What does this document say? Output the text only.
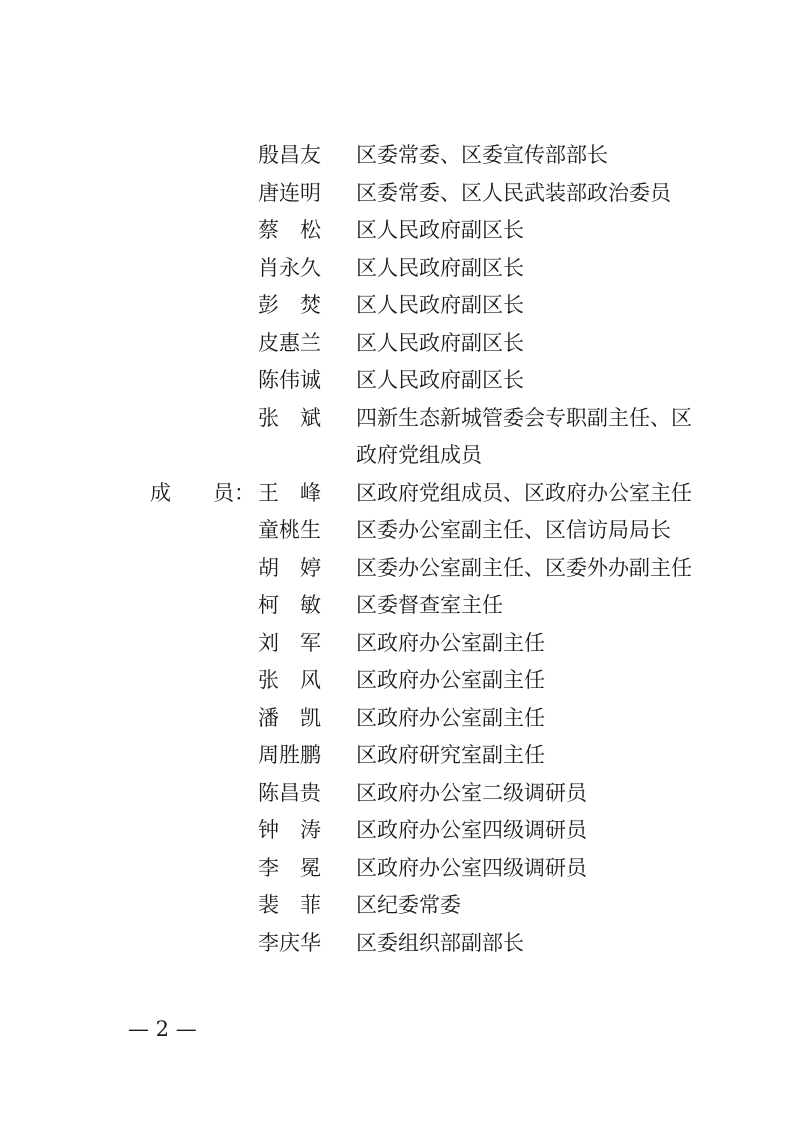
殷昌友 区委常委、区委宣传部部长
唐连明 区委常委、区人民武装部政治委员
蔡　松 区人民政府副区长
肖永久 区人民政府副区长
彭　焚 区人民政府副区长
皮惠兰 区人民政府副区长
陈伟诚 区人民政府副区长
张　斌 四新生态新城管委会专职副主任、区政府党组成员
成　　员： 王　峰 区政府党组成员、区政府办公室主任
童桃生 区委办公室副主任、区信访局局长
胡　婷 区委办公室副主任、区委外办副主任
柯　敏 区委督查室主任
刘　军 区政府办公室副主任
张　风 区政府办公室副主任
潘　凯 区政府办公室副主任
周胜鹏 区政府研究室副主任
陈昌贵 区政府办公室二级调研员
钟　涛 区政府办公室四级调研员
李　冕 区政府办公室四级调研员
裴　菲 区纪委常委
李庆华 区委组织部副部长
— 2 —
